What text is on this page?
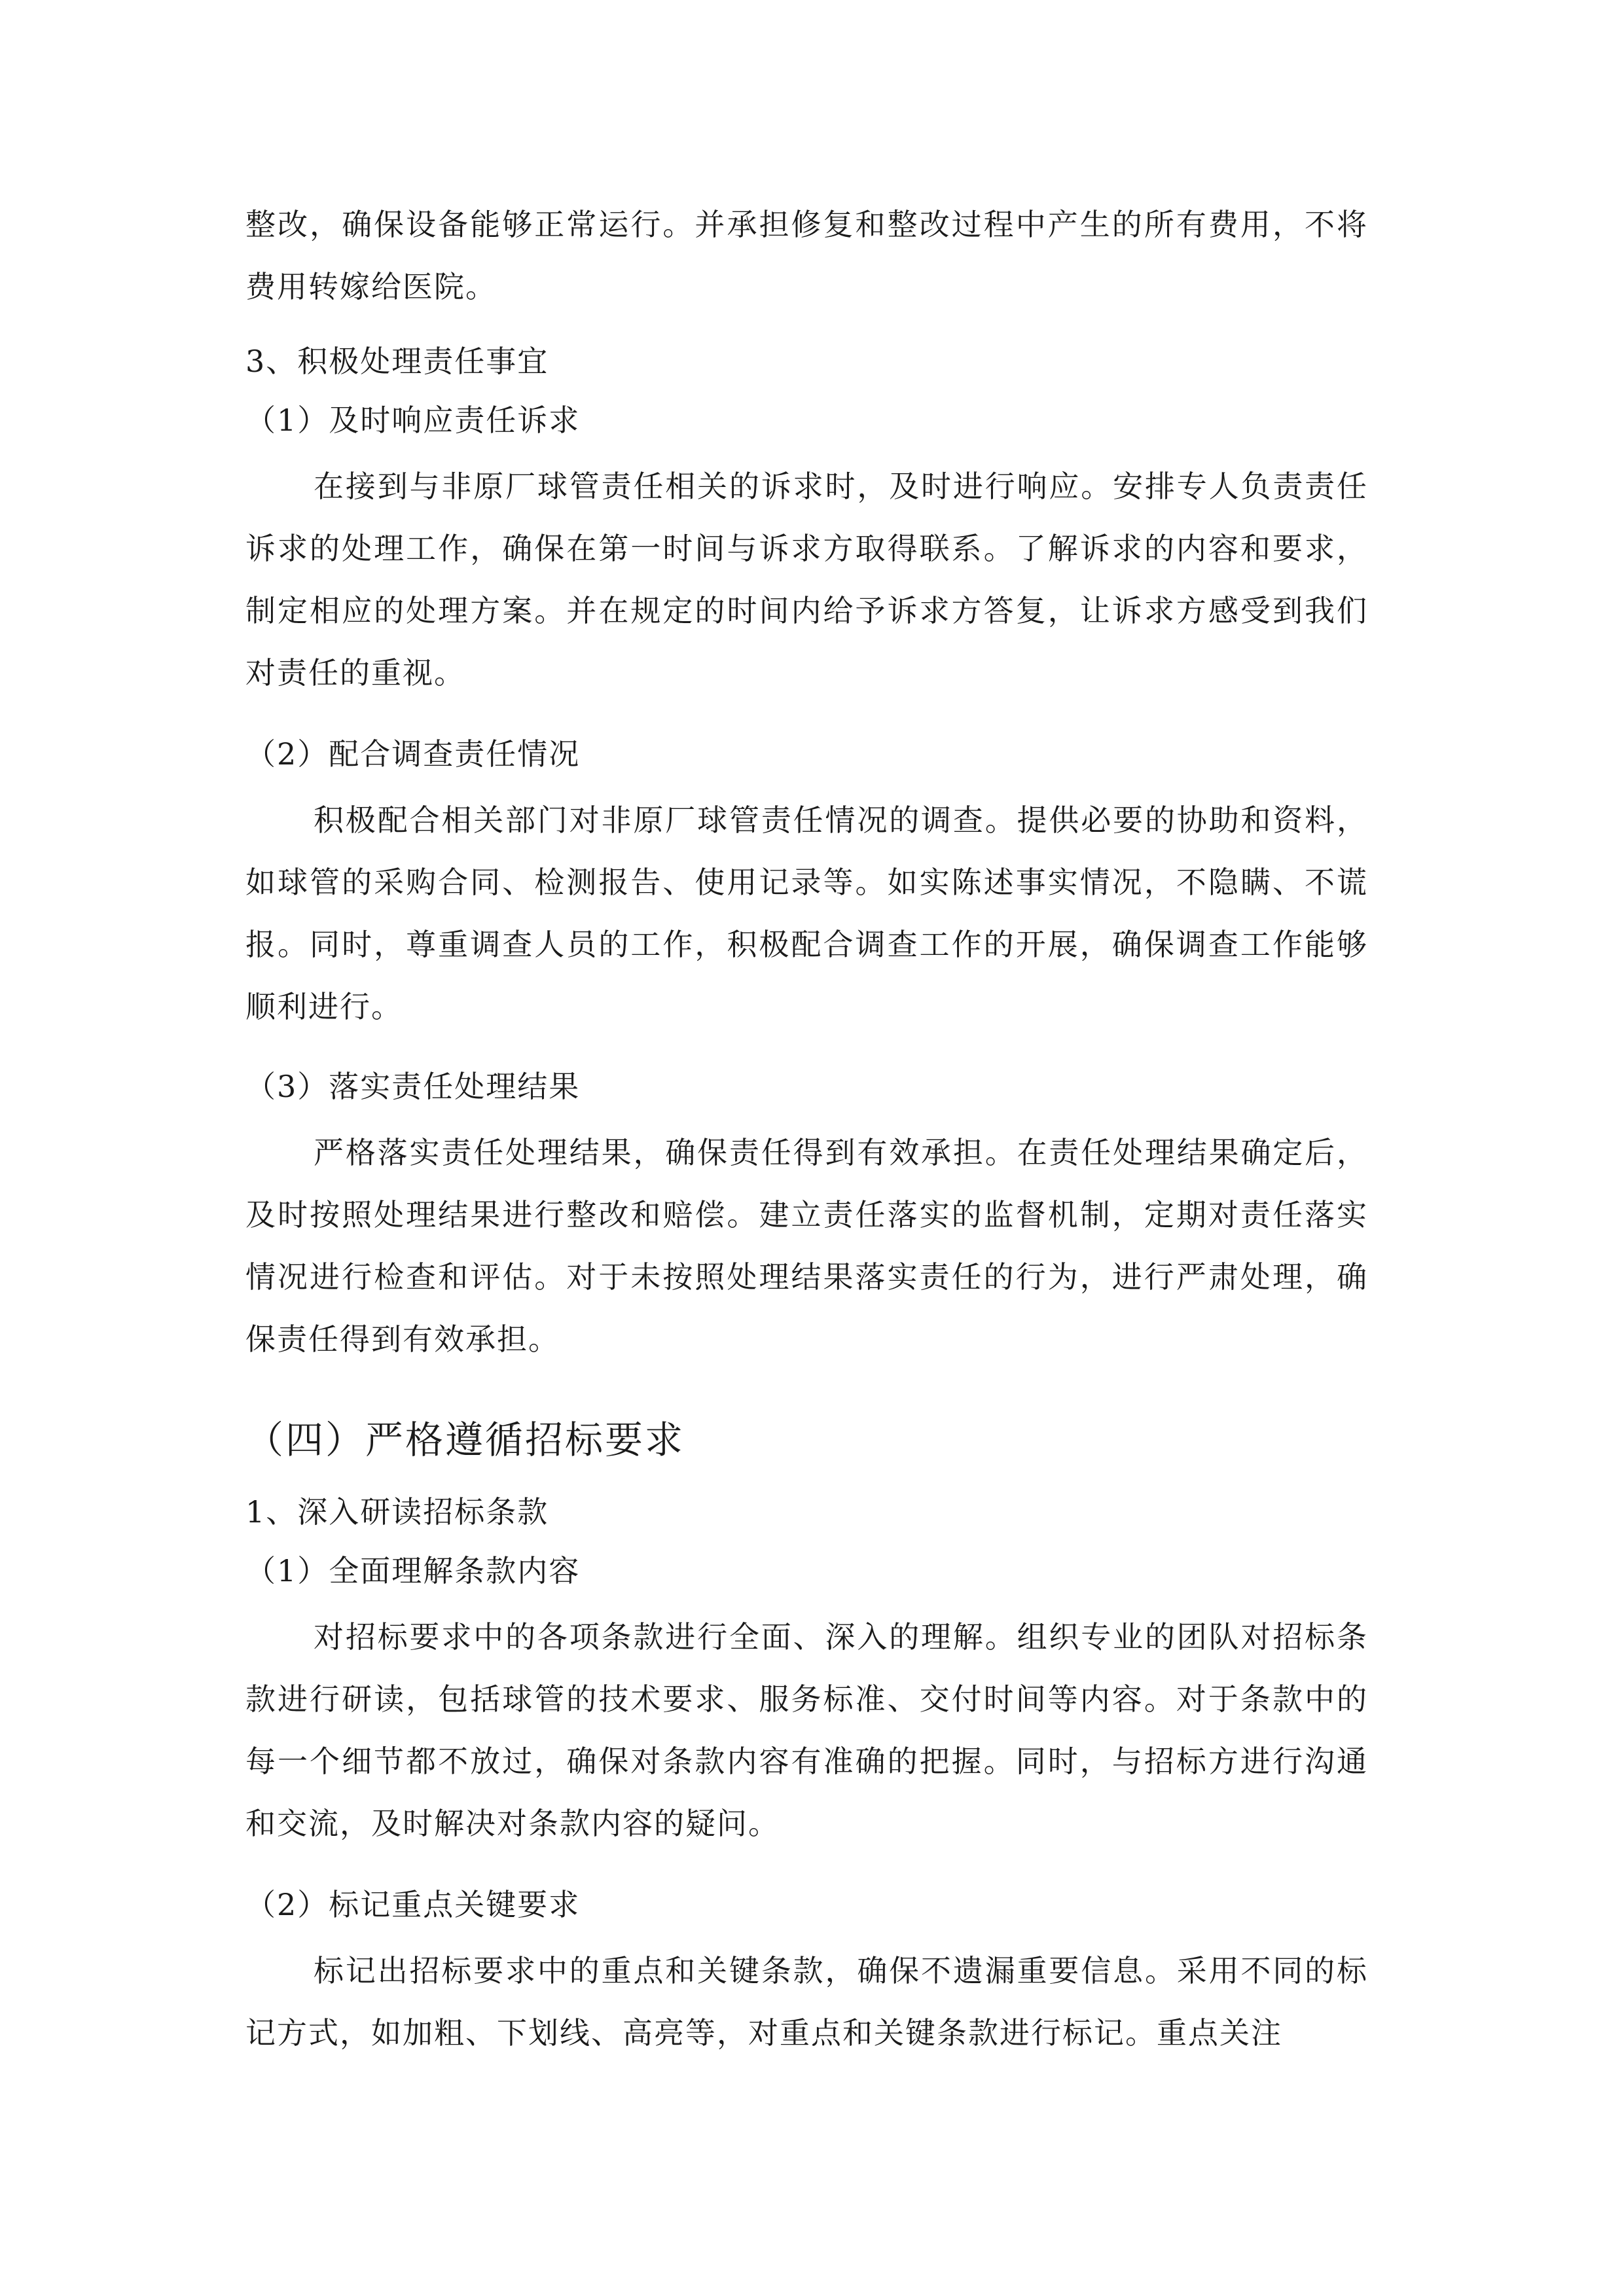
整改，确保设备能够正常运行。并承担修复和整改过程中产生的所有费用，不将费用转嫁给医院。

3、积极处理责任事宜
（1）及时响应责任诉求

在接到与非原厂球管责任相关的诉求时，及时进行响应。安排专人负责责任诉求的处理工作，确保在第一时间与诉求方取得联系。了解诉求的内容和要求，制定相应的处理方案。并在规定的时间内给予诉求方答复，让诉求方感受到我们对责任的重视。

（2）配合调查责任情况

积极配合相关部门对非原厂球管责任情况的调查。提供必要的协助和资料，如球管的采购合同、检测报告、使用记录等。如实陈述事实情况，不隐瞒、不谎报。同时，尊重调查人员的工作，积极配合调查工作的开展，确保调查工作能够顺利进行。

（3）落实责任处理结果

严格落实责任处理结果，确保责任得到有效承担。在责任处理结果确定后，及时按照处理结果进行整改和赔偿。建立责任落实的监督机制，定期对责任落实情况进行检查和评估。对于未按照处理结果落实责任的行为，进行严肃处理，确保责任得到有效承担。

（四）严格遵循招标要求
1、深入研读招标条款
（1）全面理解条款内容

对招标要求中的各项条款进行全面、深入的理解。组织专业的团队对招标条款进行研读，包括球管的技术要求、服务标准、交付时间等内容。对于条款中的每一个细节都不放过，确保对条款内容有准确的把握。同时，与招标方进行沟通和交流，及时解决对条款内容的疑问。

（2）标记重点关键要求

标记出招标要求中的重点和关键条款，确保不遗漏重要信息。采用不同的标记方式，如加粗、下划线、高亮等，对重点和关键条款进行标记。重点关注
